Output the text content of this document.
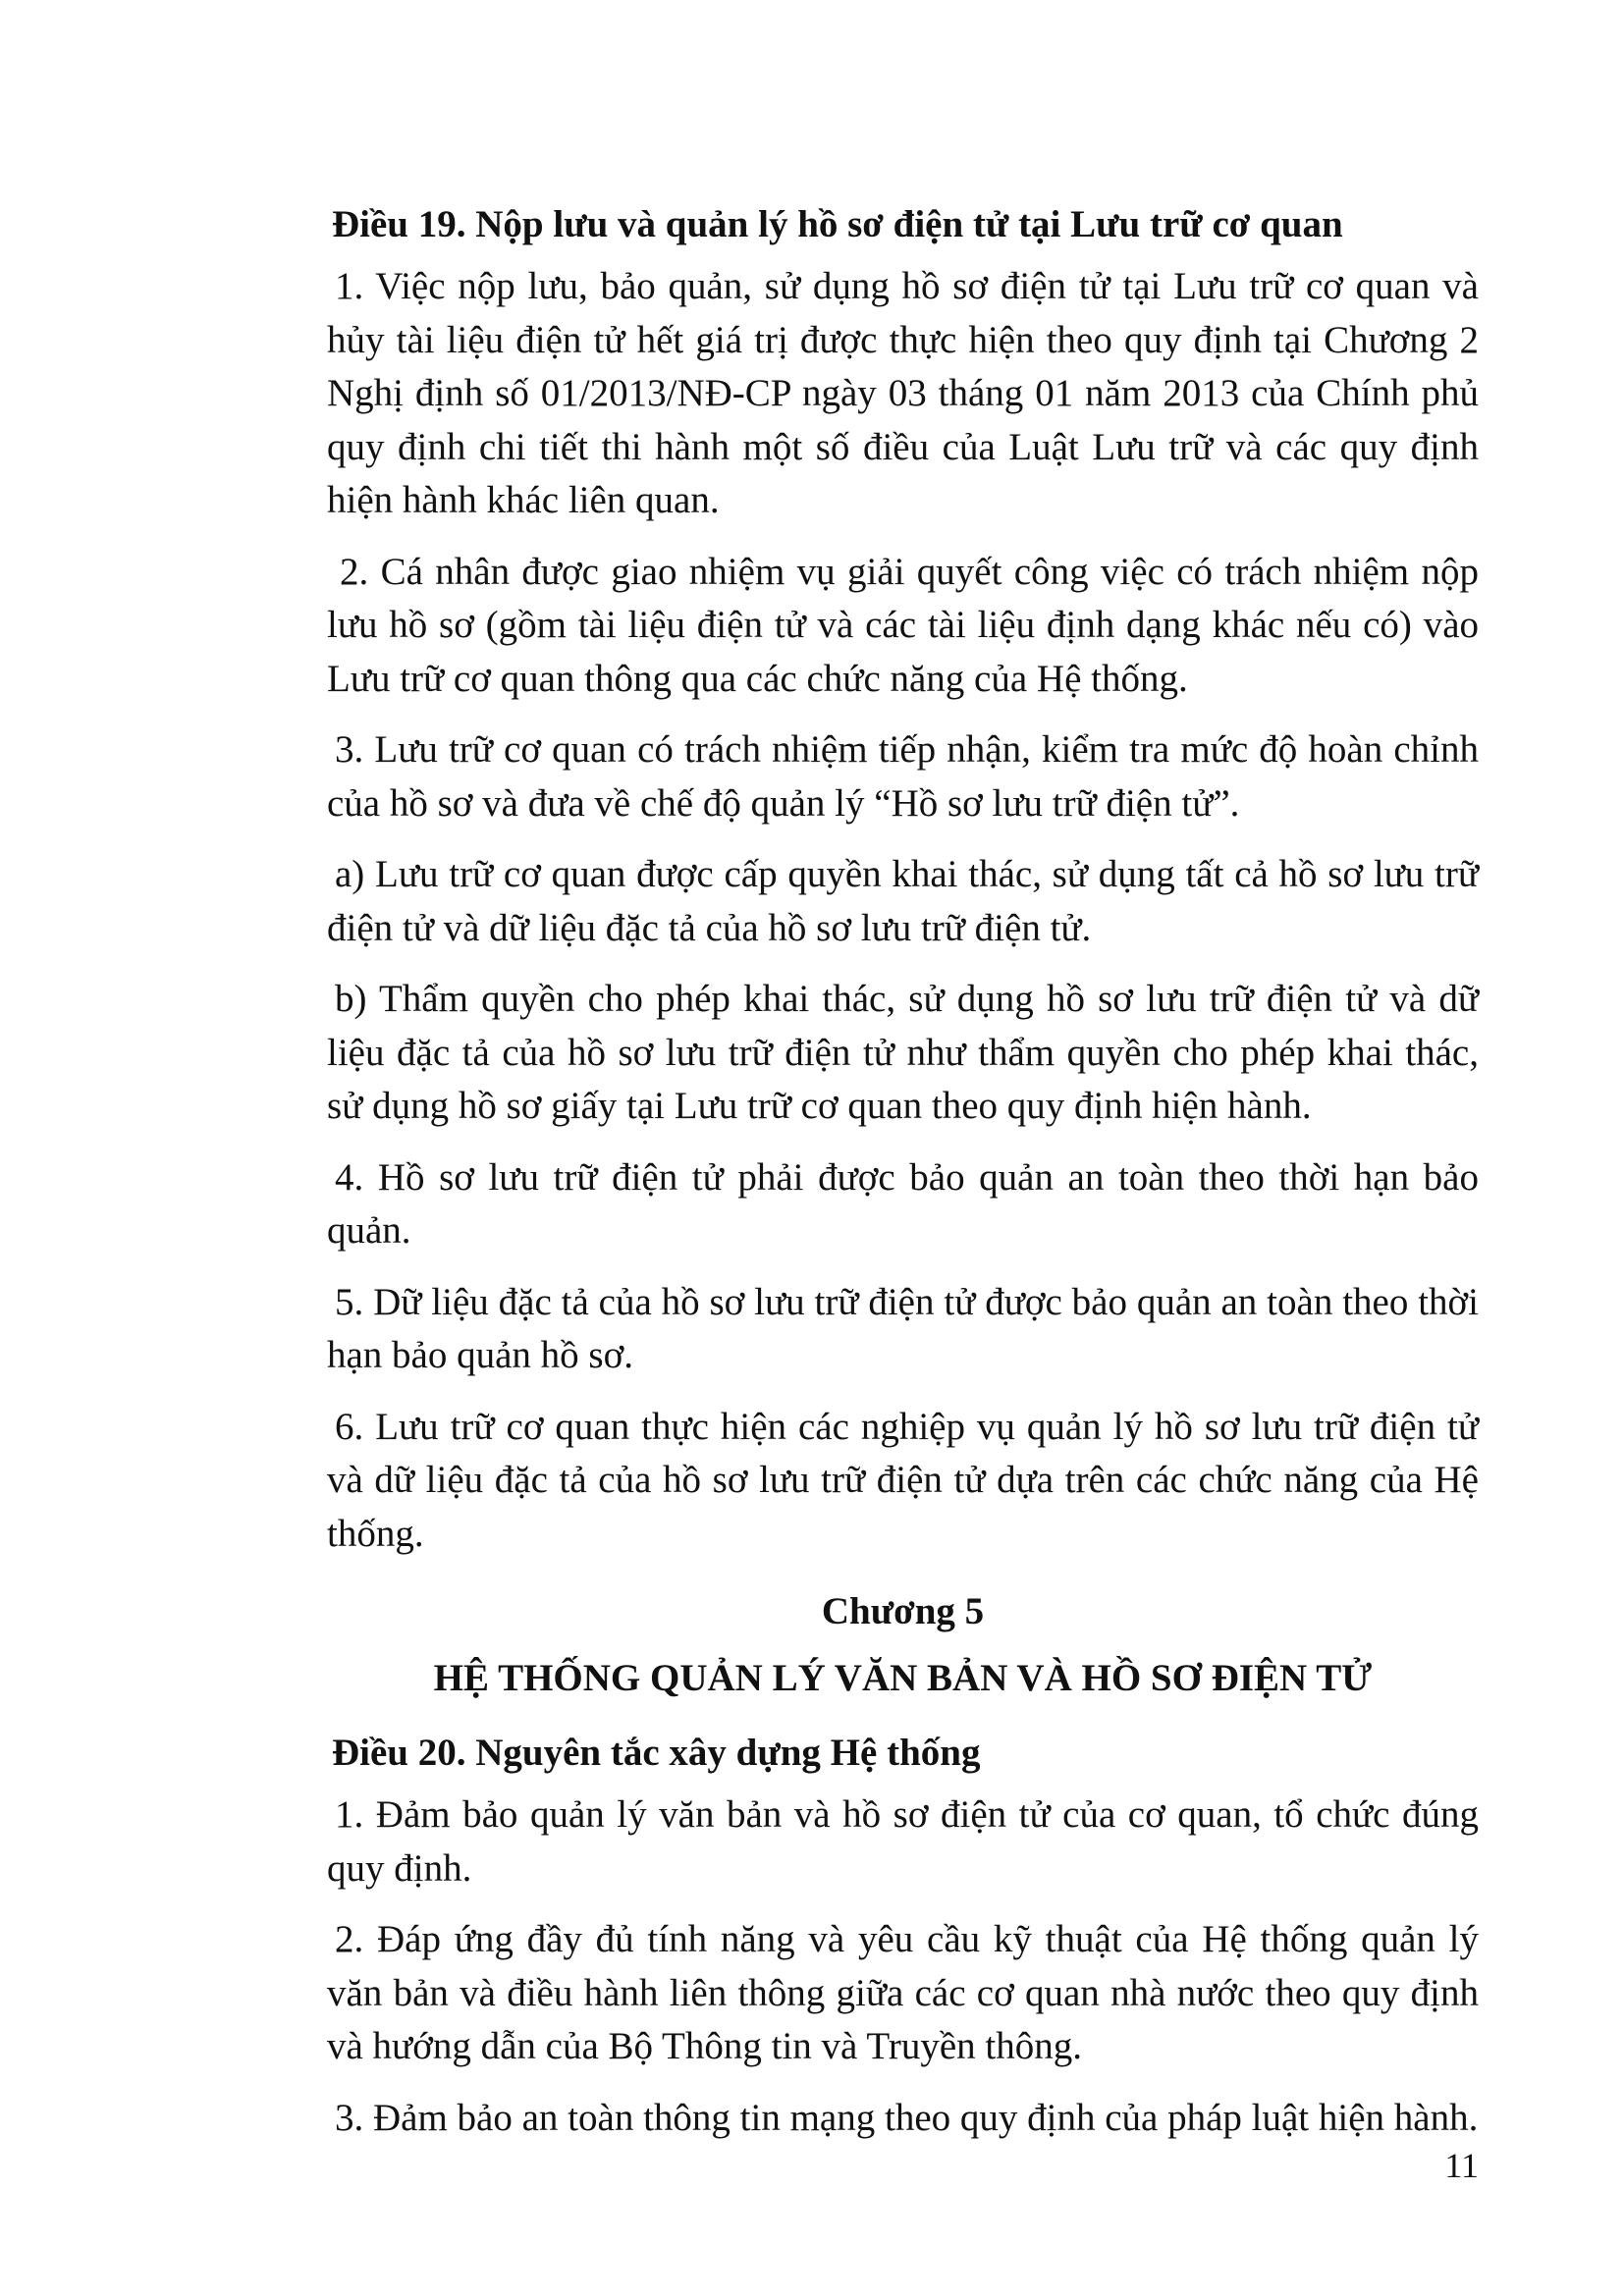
Điều 19. Nộp lưu và quản lý hồ sơ điện tử tại Lưu trữ cơ quan

1. Việc nộp lưu, bảo quản, sử dụng hồ sơ điện tử tại Lưu trữ cơ quan và hủy tài liệu điện tử hết giá trị được thực hiện theo quy định tại Chương 2 Nghị định số 01/2013/NĐ-CP ngày 03 tháng 01 năm 2013 của Chính phủ quy định chi tiết thi hành một số điều của Luật Lưu trữ và các quy định hiện hành khác liên quan.

2. Cá nhân được giao nhiệm vụ giải quyết công việc có trách nhiệm nộp lưu hồ sơ (gồm tài liệu điện tử và các tài liệu định dạng khác nếu có) vào Lưu trữ cơ quan thông qua các chức năng của Hệ thống.

3. Lưu trữ cơ quan có trách nhiệm tiếp nhận, kiểm tra mức độ hoàn chỉnh của hồ sơ và đưa về chế độ quản lý “Hồ sơ lưu trữ điện tử”.

a) Lưu trữ cơ quan được cấp quyền khai thác, sử dụng tất cả hồ sơ lưu trữ điện tử và dữ liệu đặc tả của hồ sơ lưu trữ điện tử.

b) Thẩm quyền cho phép khai thác, sử dụng hồ sơ lưu trữ điện tử và dữ liệu đặc tả của hồ sơ lưu trữ điện tử như thẩm quyền cho phép khai thác, sử dụng hồ sơ giấy tại Lưu trữ cơ quan theo quy định hiện hành.

4. Hồ sơ lưu trữ điện tử phải được bảo quản an toàn theo thời hạn bảo quản.

5. Dữ liệu đặc tả của hồ sơ lưu trữ điện tử được bảo quản an toàn theo thời hạn bảo quản hồ sơ.

6. Lưu trữ cơ quan thực hiện các nghiệp vụ quản lý hồ sơ lưu trữ điện tử và dữ liệu đặc tả của hồ sơ lưu trữ điện tử dựa trên các chức năng của Hệ thống.

Chương 5

HỆ THỐNG QUẢN LÝ VĂN BẢN VÀ HỒ SƠ ĐIỆN TỬ

Điều 20. Nguyên tắc xây dựng Hệ thống

1. Đảm bảo quản lý văn bản và hồ sơ điện tử của cơ quan, tổ chức đúng quy định.

2. Đáp ứng đầy đủ tính năng và yêu cầu kỹ thuật của Hệ thống quản lý văn bản và điều hành liên thông giữa các cơ quan nhà nước theo quy định và hướng dẫn của Bộ Thông tin và Truyền thông.

3. Đảm bảo an toàn thông tin mạng theo quy định của pháp luật hiện hành.

11
